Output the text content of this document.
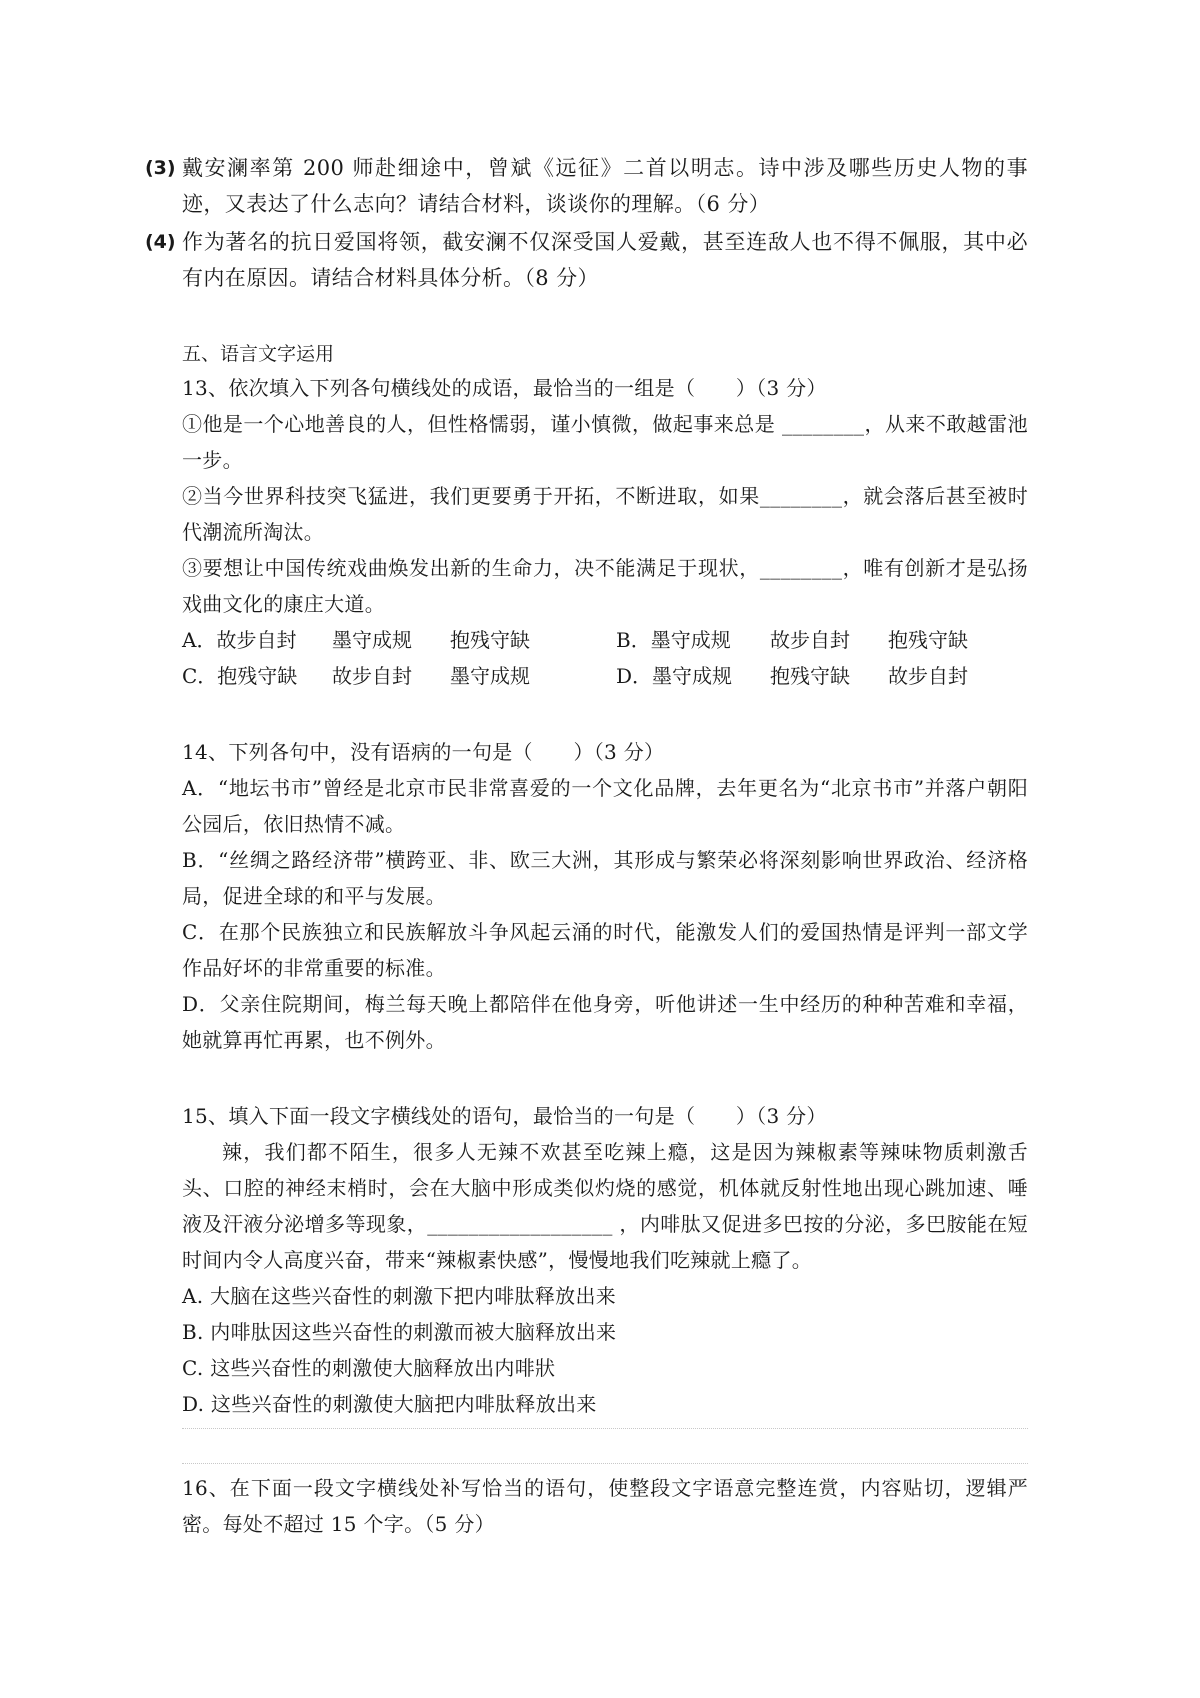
(3) 戴安澜率第 200 师赴细途中，曾斌《远征》二首以明志。诗中涉及哪些历史人物的事迹，又表达了什么志向？请结合材料，谈谈你的理解。（6 分）
(4) 作为著名的抗日爱国将领，截安澜不仅深受国人爱戴，甚至连敌人也不得不佩服，其中必有内在原因。请结合材料具体分析。（8 分）
五、语言文字运用
13、依次填入下列各句横线处的成语，最恰当的一组是（　　）（3 分）
①他是一个心地善良的人，但性格懦弱，谨小慎微，做起事来总是 ________，从来不敢越雷池一步。
②当今世界科技突飞猛进，我们更要勇于开拓，不断进取，如果________，就会落后甚至被时代潮流所淘汰。
③要想让中国传统戏曲焕发出新的生命力，决不能满足于现状，________，唯有创新才是弘扬戏曲文化的康庄大道。
A．故步自封 墨守成规 抱残守缺	B．墨守成规 故步自封 抱残守缺
C．抱残守缺 故步自封 墨守成规	D．墨守成规 抱残守缺 故步自封
14、下列各句中，没有语病的一句是（　　）（3 分）
A．“地坛书市”曾经是北京市民非常喜爱的一个文化品牌，去年更名为“北京书市”并落户朝阳公园后，依旧热情不减。
B．“丝绸之路经济带”横跨亚、非、欧三大洲，其形成与繁荣必将深刻影响世界政治、经济格局，促进全球的和平与发展。
C．在那个民族独立和民族解放斗争风起云涌的时代，能激发人们的爱国热情是评判一部文学作品好坏的非常重要的标准。
D．父亲住院期间，梅兰每天晚上都陪伴在他身旁，听他讲述一生中经历的种种苦难和幸福，她就算再忙再累，也不例外。
15、填入下面一段文字横线处的语句，最恰当的一句是（　　）（3 分）
辣，我们都不陌生，很多人无辣不欢甚至吃辣上瘾，这是因为辣椒素等辣味物质刺激舌头、口腔的神经末梢时，会在大脑中形成类似灼烧的感觉，机体就反射性地出现心跳加速、唾液及汗液分泌增多等现象，__________________ ，内啡肽又促进多巴按的分泌，多巴胺能在短时间内令人高度兴奋，带来“辣椒素快感”，慢慢地我们吃辣就上瘾了。
A. 大脑在这些兴奋性的刺激下把内啡肽释放出来
B. 内啡肽因这些兴奋性的刺激而被大脑释放出来
C. 这些兴奋性的刺激使大脑释放出内啡狀
D. 这些兴奋性的刺激使大脑把内啡肽释放出来
16、在下面一段文字横线处补写恰当的语句，使整段文字语意完整连赏，内容贴切，逻辑严密。每处不超过 15 个字。（5 分）
